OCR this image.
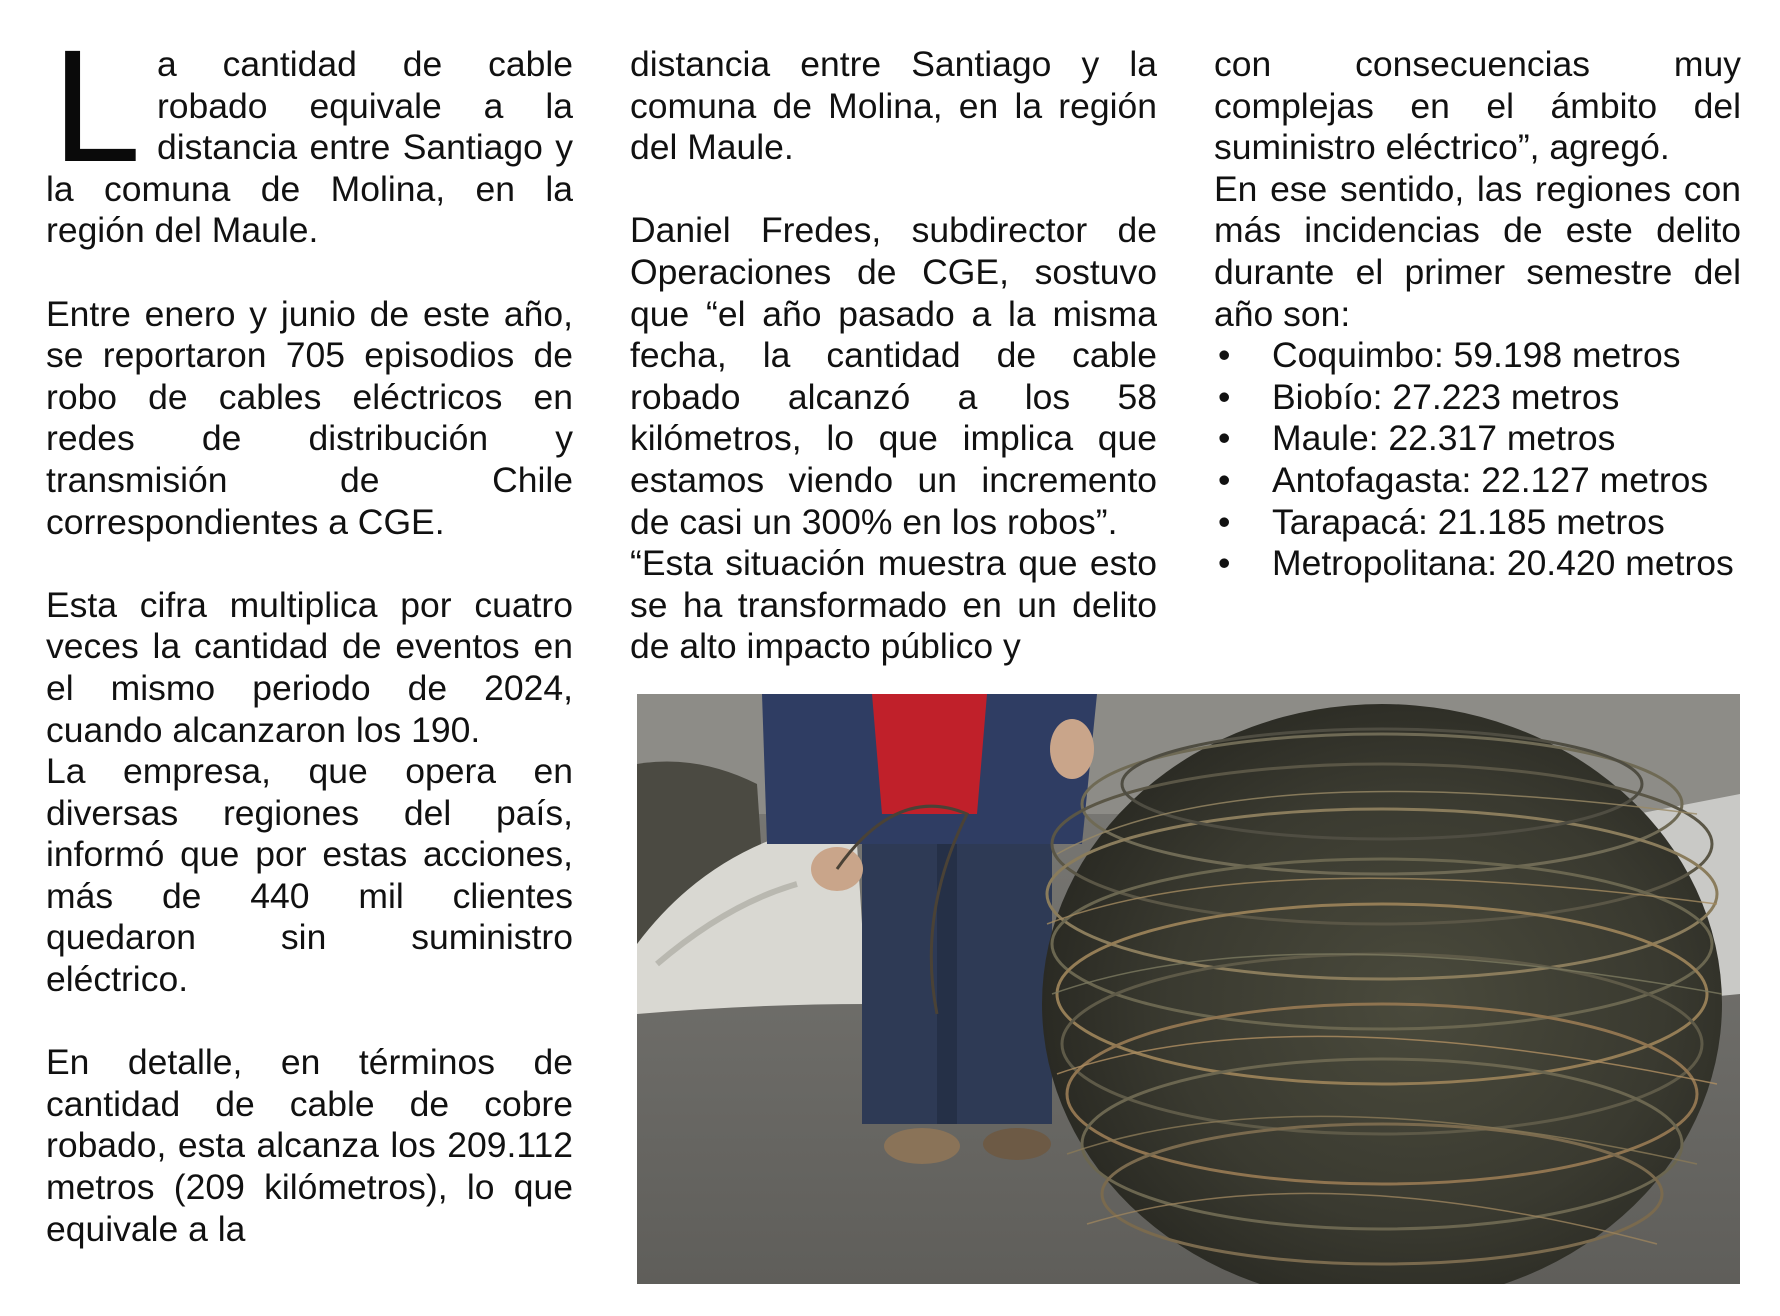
La cantidad de cable robado equivale a la distancia entre Santiago y la comuna de Molina, en la región del Maule.

Entre enero y junio de este año, se reportaron 705 episodios de robo de cables eléctricos en redes de distribución y transmisión de Chile correspondientes a CGE.

Esta cifra multiplica por cuatro veces la cantidad de eventos en el mismo periodo de 2024, cuando alcanzaron los 190.

La empresa, que opera en diversas regiones del país, informó que por estas acciones, más de 440 mil clientes quedaron sin suministro eléctrico.

En detalle, en términos de cantidad de cable de cobre robado, esta alcanza los 209.112 metros (209 kilómetros), lo que equivale a la

distancia entre Santiago y la comuna de Molina, en la región del Maule.

Daniel Fredes, subdirector de Operaciones de CGE, sostuvo que “el año pasado a la misma fecha, la cantidad de cable robado alcanzó a los 58 kilómetros, lo que implica que estamos viendo un incremento de casi un 300% en los robos”.

“Esta situación muestra que esto se ha transformado en un delito de alto impacto público y

con consecuencias muy complejas en el ámbito del suministro eléctrico”, agregó.

En ese sentido, las regiones con más incidencias de este delito durante el primer semestre del año son:

• Coquimbo: 59.198 metros
• Biobío: 27.223 metros
• Maule: 22.317 metros
• Antofagasta: 22.127 metros
• Tarapacá: 21.185 metros
• Metropolitana: 20.420 metros
